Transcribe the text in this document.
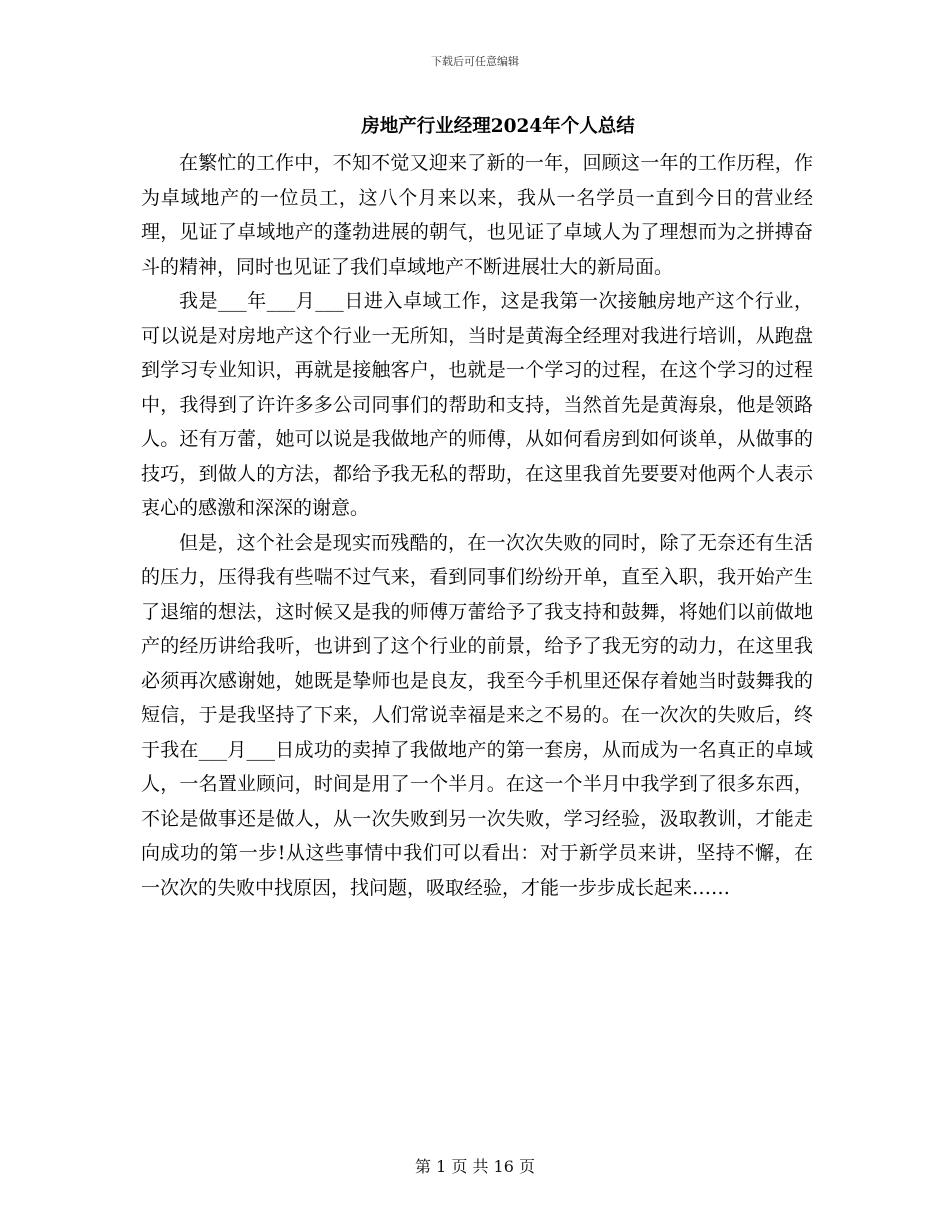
下载后可任意编辑
房地产行业经理2024年个人总结

在繁忙的工作中，不知不觉又迎来了新的一年，回顾这一年的工作历程，作为卓域地产的一位员工，这八个月来以来，我从一名学员一直到今日的营业经理，见证了卓域地产的蓬勃进展的朝气，也见证了卓域人为了理想而为之拼搏奋斗的精神，同时也见证了我们卓域地产不断进展壮大的新局面。

我是___年___月___日进入卓域工作，这是我第一次接触房地产这个行业，可以说是对房地产这个行业一无所知，当时是黄海全经理对我进行培训，从跑盘到学习专业知识，再就是接触客户，也就是一个学习的过程，在这个学习的过程中，我得到了许许多多公司同事们的帮助和支持，当然首先是黄海泉，他是领路人。还有万蕾，她可以说是我做地产的师傅，从如何看房到如何谈单，从做事的技巧，到做人的方法，都给予我无私的帮助，在这里我首先要要对他两个人表示衷心的感激和深深的谢意。

但是，这个社会是现实而残酷的，在一次次失败的同时，除了无奈还有生活的压力，压得我有些喘不过气来，看到同事们纷纷开单，直至入职，我开始产生了退缩的想法，这时候又是我的师傅万蕾给予了我支持和鼓舞，将她们以前做地产的经历讲给我听，也讲到了这个行业的前景，给予了我无穷的动力，在这里我必须再次感谢她，她既是挚师也是良友，我至今手机里还保存着她当时鼓舞我的短信，于是我坚持了下来，人们常说幸福是来之不易的。在一次次的失败后，终于我在___月___日成功的卖掉了我做地产的第一套房，从而成为一名真正的卓域人，一名置业顾问，时间是用了一个半月。在这一个半月中我学到了很多东西，不论是做事还是做人，从一次失败到另一次失败，学习经验，汲取教训，才能走向成功的第一步!从这些事情中我们可以看出：对于新学员来讲，坚持不懈，在一次次的失败中找原因，找问题，吸取经验，才能一步步成长起来……

第 1 页 共 16 页
